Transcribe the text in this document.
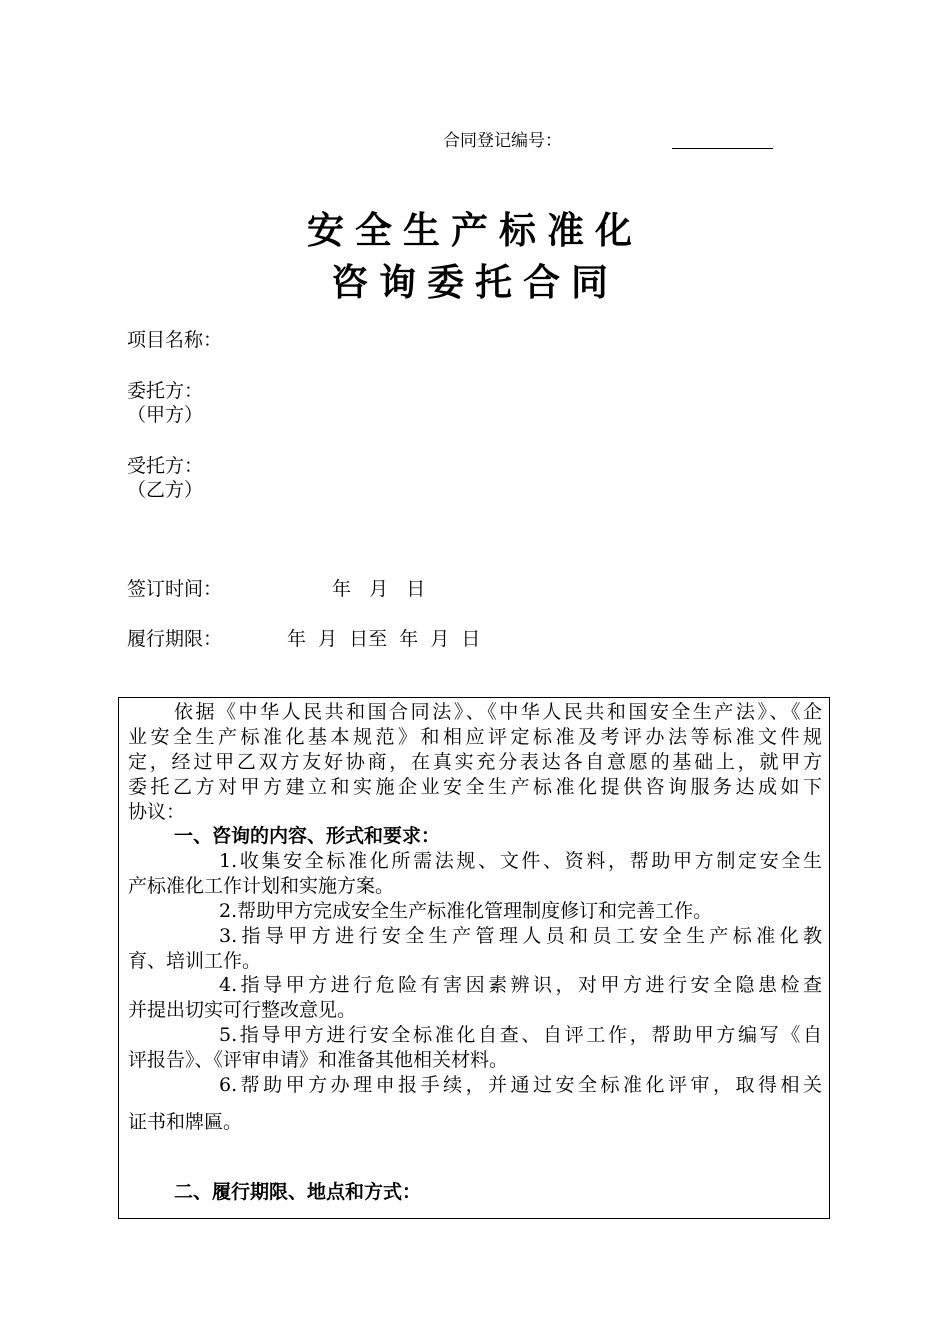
合同登记编号：
安全生产标准化
咨询委托合同
项目名称：
委托方：
（甲方）
受托方：
（乙方）
签订时间：	年   月   日
履行期限：	年  月  日至  年  月  日
依据《中华人民共和国合同法》、《中华人民共和国安全生产法》、《企
业安全生产标准化基本规范》和相应评定标准及考评办法等标准文件规
定，经过甲乙双方友好协商，在真实充分表达各自意愿的基础上，就甲方
委托乙方对甲方建立和实施企业安全生产标准化提供咨询服务达成如下
协议：
一、咨询的内容、形式和要求：
1.收集安全标准化所需法规、文件、资料，帮助甲方制定安全生
产标准化工作计划和实施方案。
2.帮助甲方完成安全生产标准化管理制度修订和完善工作。
3.指导甲方进行安全生产管理人员和员工安全生产标准化教
育、培训工作。
4.指导甲方进行危险有害因素辨识，对甲方进行安全隐患检查
并提出切实可行整改意见。
5.指导甲方进行安全标准化自查、自评工作，帮助甲方编写《自
评报告》、《评审申请》和准备其他相关材料。
6.帮助甲方办理申报手续，并通过安全标准化评审，取得相关
证书和牌匾。
二、履行期限、地点和方式：
